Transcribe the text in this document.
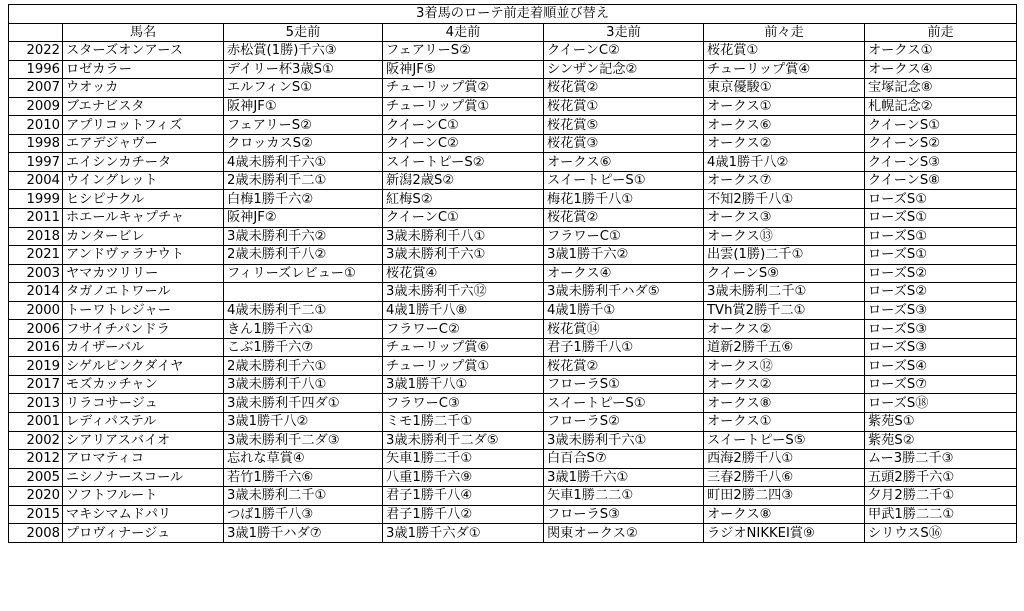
3着馬のローテ前走着順並び替え						
	馬名	5走前	4走前	3走前	前々走	前走
2022	スターズオンアース	赤松賞(1勝)千六③	フェアリーS②	クイーンC②	桜花賞①	オークス①
1996	ロゼカラー	デイリー杯3歳S①	阪神JF⑤	シンザン記念②	チューリップ賞④	オークス④
2007	ウオッカ	エルフィンS①	チューリップ賞②	桜花賞②	東京優駿①	宝塚記念⑧
2009	ブエナビスタ	阪神JF①	チューリップ賞①	桜花賞①	オークス①	札幌記念②
2010	アプリコットフィズ	フェアリーS②	クイーンC①	桜花賞⑤	オークス⑥	クイーンS①
1998	エアデジャヴー	クロッカスS②	クイーンC②	桜花賞③	オークス②	クイーンS②
1997	エイシンカチータ	4歳未勝利千六①	スイートピーS②	オークス⑥	4歳1勝千八②	クイーンS③
2004	ウイングレット	2歳未勝利千二①	新潟2歳S②	スイートピーS①	オークス⑦	クイーンS⑧
1999	ヒシピナクル	白梅1勝千六②	紅梅S②	梅花1勝千八①	不知2勝千八①	ローズS①
2011	ホエールキャプチャ	阪神JF②	クイーンC①	桜花賞②	オークス③	ローズS①
2018	カンタービレ	3歳未勝利千六②	3歳未勝利千八①	フラワーC①	オークス⑬	ローズS①
2021	アンドヴァラナウト	2歳未勝利千八②	3歳未勝利千六①	3歳1勝千六②	出雲(1勝)二千①	ローズS①
2003	ヤマカツリリー	フィリーズレビュー①	桜花賞④	オークス④	クイーンS⑨	ローズS②
2014	タガノエトワール		3歳未勝利千六⑫	3歳未勝利千ハダ⑤	3歳未勝利二千①	ローズS②
2000	トーワトレジャー	4歳未勝利千二①	4歳1勝千八⑧	4歳1勝千①	TVh賞2勝千二①	ローズS③
2006	フサイチパンドラ	きん1勝千六①	フラワーC②	桜花賞⑭	オークス②	ローズS③
2016	カイザーバル	こぶ1勝千六⑦	チューリップ賞⑥	君子1勝千八①	道新2勝千五⑥	ローズS③
2019	シゲルピンクダイヤ	2歳未勝利千六①	チューリップ賞①	桜花賞②	オークス⑫	ローズS④
2017	モズカッチャン	3歳未勝利千八①	3歳1勝千八①	フローラS①	オークス②	ローズS⑦
2013	リラコサージュ	3歳未勝利千四ダ①	フラワーC③	スイートピーS①	オークス⑧	ローズS⑱
2001	レディパステル	3歳1勝千八②	ミモ1勝二千①	フローラS②	オークス①	紫苑S①
2002	シアリアスバイオ	3歳未勝利千二ダ③	3歳未勝利千二ダ⑤	3歳未勝利千六①	スイートピーS⑤	紫苑S②
2012	アロマティコ	忘れな草賞④	矢車1勝二千①	白百合S⑦	西海2勝千八①	ムー3勝二千③
2005	ニシノナースコール	若竹1勝千六⑥	八重1勝千六⑨	3歳1勝千六①	三春2勝千八⑥	五頭2勝千六①
2020	ソフトフルート	3歳未勝利二千①	君子1勝千八④	矢車1勝二二①	町田2勝二四③	夕月2勝二千①
2015	マキシマムドパリ	つば1勝千八③	君子1勝千八②	フローラS③	オークス⑧	甲武1勝二二①
2008	プロヴィナージュ	3歳1勝千ハダ⑦	3歳1勝千六ダ①	関東オークス②	ラジオNIKKEI賞⑨	シリウスS⑯
